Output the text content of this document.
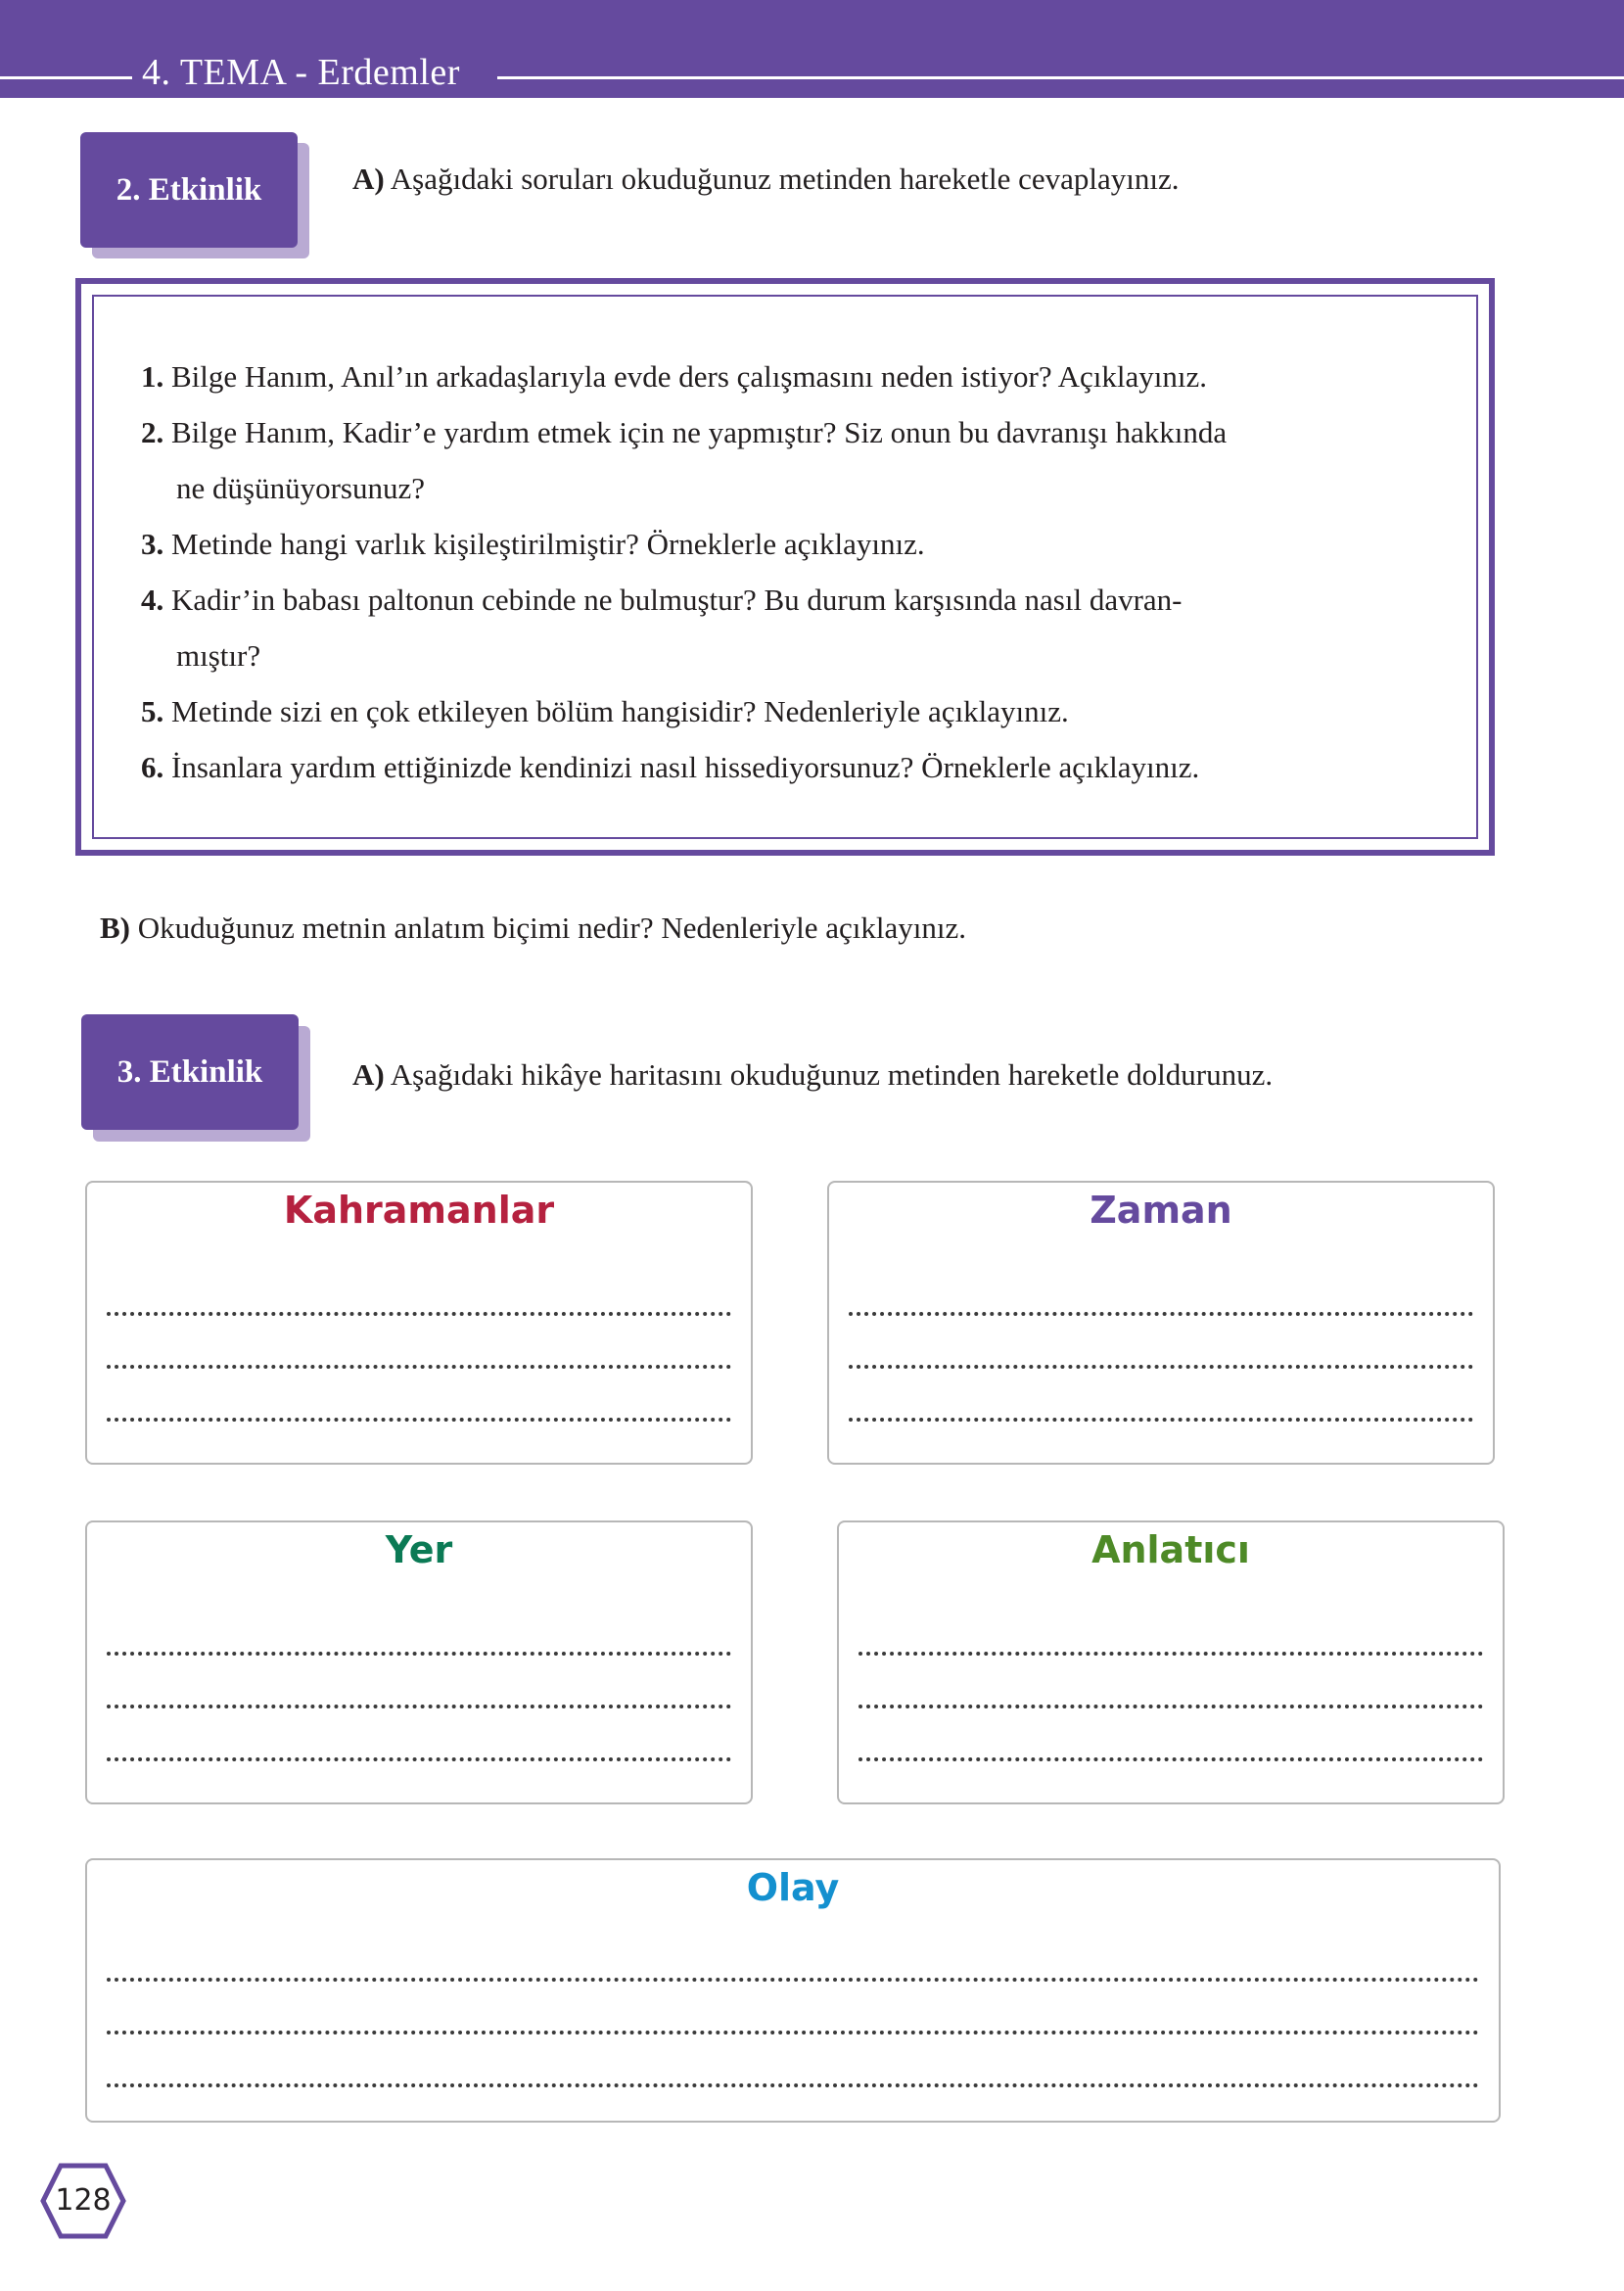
4. TEMA - Erdemler
2. Etkinlik	A) Aşağıdaki soruları okuduğunuz metinden hareketle cevaplayınız.
1. Bilge Hanım, Anıl’ın arkadaşlarıyla evde ders çalışmasını neden istiyor? Açıklayınız.
2. Bilge Hanım, Kadir’e yardım etmek için ne yapmıştır? Siz onun bu davranışı hakkında
ne düşünüyorsunuz?
3. Metinde hangi varlık kişileştirilmiştir? Örneklerle açıklayınız.
4. Kadir’in babası paltonun cebinde ne bulmuştur? Bu durum karşısında nasıl davran-
mıştır?
5. Metinde sizi en çok etkileyen bölüm hangisidir? Nedenleriyle açıklayınız.
6. İnsanlara yardım ettiğinizde kendinizi nasıl hissediyorsunuz? Örneklerle açıklayınız.
B) Okuduğunuz metnin anlatım biçimi nedir? Nedenleriyle açıklayınız.
3. Etkinlik	A) Aşağıdaki hikâye haritasını okuduğunuz metinden hareketle doldurunuz.
Kahramanlar	Zaman
Yer	Anlatıcı
Olay
128
